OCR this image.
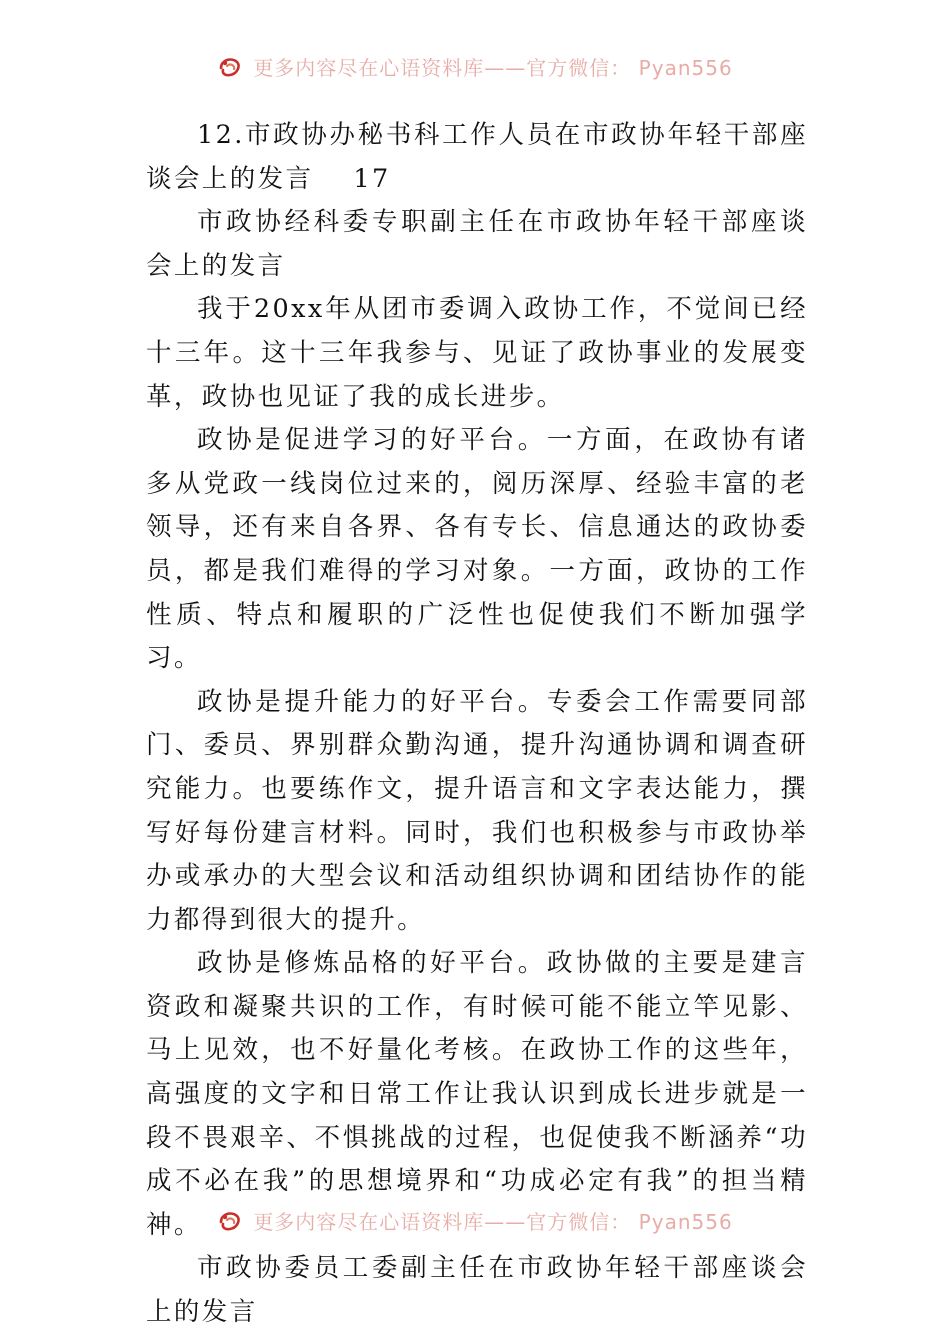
更多内容尽在心语资料库——官方微信： Pyan556

12.市政协办秘书科工作人员在市政协年轻干部座谈会上的发言 17

市政协经科委专职副主任在市政协年轻干部座谈会上的发言

我于20xx年从团市委调入政协工作，不觉间已经十三年。这十三年我参与、见证了政协事业的发展变革，政协也见证了我的成长进步。

政协是促进学习的好平台。一方面，在政协有诸多从党政一线岗位过来的，阅历深厚、经验丰富的老领导，还有来自各界、各有专长、信息通达的政协委员，都是我们难得的学习对象。一方面，政协的工作性质、特点和履职的广泛性也促使我们不断加强学习。

政协是提升能力的好平台。专委会工作需要同部门、委员、界别群众勤沟通，提升沟通协调和调查研究能力。也要练作文，提升语言和文字表达能力，撰写好每份建言材料。同时，我们也积极参与市政协举办或承办的大型会议和活动组织协调和团结协作的能力都得到很大的提升。

政协是修炼品格的好平台。政协做的主要是建言资政和凝聚共识的工作，有时候可能不能立竿见影、马上见效，也不好量化考核。在政协工作的这些年，高强度的文字和日常工作让我认识到成长进步就是一段不畏艰辛、不惧挑战的过程，也促使我不断涵养“功成不必在我”的思想境界和“功成必定有我”的担当精神。

市政协委员工委副主任在市政协年轻干部座谈会上的发言

更多内容尽在心语资料库——官方微信： Pyan556
